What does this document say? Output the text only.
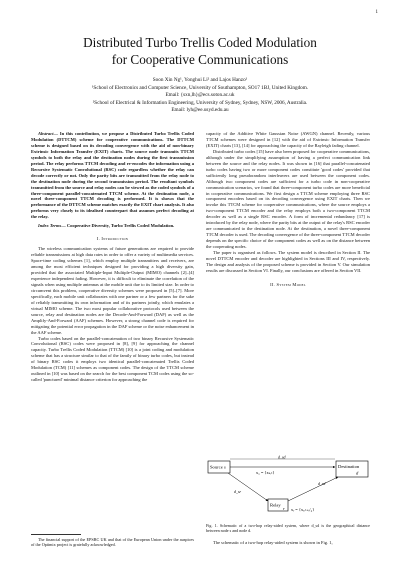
1
Distributed Turbo Trellis Coded Modulation
for Cooperative Communications
Soon Xin Ng¹, Yonghui Li² and Lajos Hanzo¹
¹School of Electronics and Computer Science, University of Southampton, SO17 1BJ, United Kingdom.
Email: {sxn,lh}@ecs.soton.ac.uk
²School of Electrical & Information Engineering, University of Sydney, Sydney, NSW, 2006, Australia.
Email: lyh@ee.usyd.edu.au

Abstract— In this contribution, we propose a Distributed Turbo Trellis Coded Modulation (DTTCM) scheme for cooperative communications. The DTTCM scheme is designed based on its decoding convergence with the aid of non-binary Extrinsic Information Transfer (EXIT) charts. The source node transmits TTCM symbols to both the relay and the destination nodes during the first transmission period. The relay performs TTCM decoding and re-encodes the information using a Recursive Systematic Convolutional (RSC) code regardless whether the relay can decode correctly or not. Only the parity bits are transmitted from the relay node to the destination node during the second transmission period. The resultant symbols transmitted from the source and relay nodes can be viewed as the coded symbols of a three-component parallel-concatenated TTCM scheme. At the destination node, a novel three-component TTCM decoding is performed. It is shown that the performance of the DTTCM scheme matches exactly the EXIT chart analysis. It also performs very closely to its idealised counterpart that assumes perfect decoding at the relay.

Index Terms— Cooperative Diversity, Turbo Trellis Coded Modulation.

I. Introduction

The wireless communication systems of future generations are required to provide reliable transmissions at high data rates in order to offer a variety of multimedia services. Space-time coding schemes [1], which employ multiple transmitters and receivers, are among the most efficient techniques designed for providing a high diversity gain, provided that the associated Multiple-Input Multiple-Output (MIMO) channels [2]–[4] experience independent fading. However, it is difficult to eliminate the correlation of the signals when using multiple antennas at the mobile unit due to its limited size. In order to circumvent this problem, cooperative diversity schemes were proposed in [5]–[7]. More specifically, each mobile unit collaborates with one partner or a few partners for the sake of reliably transmitting its own information and of its partners jointly, which emulates a virtual MIMO scheme. The two most popular collaborative protocols used between the source, relay and destination nodes are the Decode-And-Forward (DAF) as well as the Amplify-And-Forward (AAF) schemes. However, a strong channel code is required for mitigating the potential error propagation in the DAF scheme or the noise enhancement in the AAF scheme.

Turbo codes based on the parallel-concatenation of two binary Recursive Systematic Convolutional (RSC) codes were proposed in [8], [9] for approaching the channel capacity. Turbo Trellis Coded Modulation (TTCM) [10] is a joint coding and modulation scheme that has a structure similar to that of the family of binary turbo codes, but instead of binary RSC codes it employs two identical parallel-concatenated Trellis Coded Modulation (TCM) [11] schemes as component codes. The design of the TTCM scheme outlined in [10] was based on the search for the best component TCM codes using the so-called 'punctured' minimal distance criterion for approaching the

The financial support of the EPSRC UK and that of the European Union under the auspices of the Optimix project is gratefully acknowledged.

capacity of the Additive White Gaussian Noise (AWGN) channel. Recently, various TTCM schemes were designed in [12] with the aid of Extrinsic Information Transfer (EXIT) charts [13], [14] for approaching the capacity of the Rayleigh fading channel.

Distributed turbo codes [15] have also been proposed for cooperative communications, although under the simplifying assumption of having a perfect communication link between the source and the relay nodes. It was shown in [16] that parallel-concatenated turbo codes having two or more component codes constitute 'good codes' provided that sufficiently long pseudorandom interleavers are used between the component codes. Although two component codes are sufficient for a turbo code in non-cooperative communication scenarios, we found that three-component turbo codes are more beneficial in cooperative communications. We first design a TTCM scheme employing three RSC component encoders based on its decoding convergence using EXIT charts. Then we invoke this TTCM scheme for cooperative communications, where the source employs a two-component TTCM encoder and the relay employs both a two-component TTCM decoder as well as a single RSC encoder. A form of incremental redundancy [17] is introduced by the relay node, where the parity bits at the output of the relay's RSC encoder are communicated to the destination node. At the destination, a novel three-component TTCM decoder is used. The decoding convergence of the three-component TTCM decoder depends on the specific choice of the component codes as well as on the distance between the cooperating nodes.

The paper is organised as follows. The system model is described in Section II. The novel DTTCM encoder and decoder are highlighted in Sections III and IV, respectively. The design and analysis of the proposed scheme is provided in Section V. Our simulation results are discussed in Section VI. Finally, our conclusions are offered in Section VII.

II. System Model

Source s	Destination
d
Relay
r
d_sd
x₁ = {xₛ,ₜ}
d_sr
d_rd
xᵣ = {xᵣ,ₜ₊ᵢ/₂}

Fig. 1. Schematic of a two-hop relay-aided system, where d_sd is the geographical distance between node s and node d.

The schematic of a two-hop relay-aided system is shown in Fig. 1,
